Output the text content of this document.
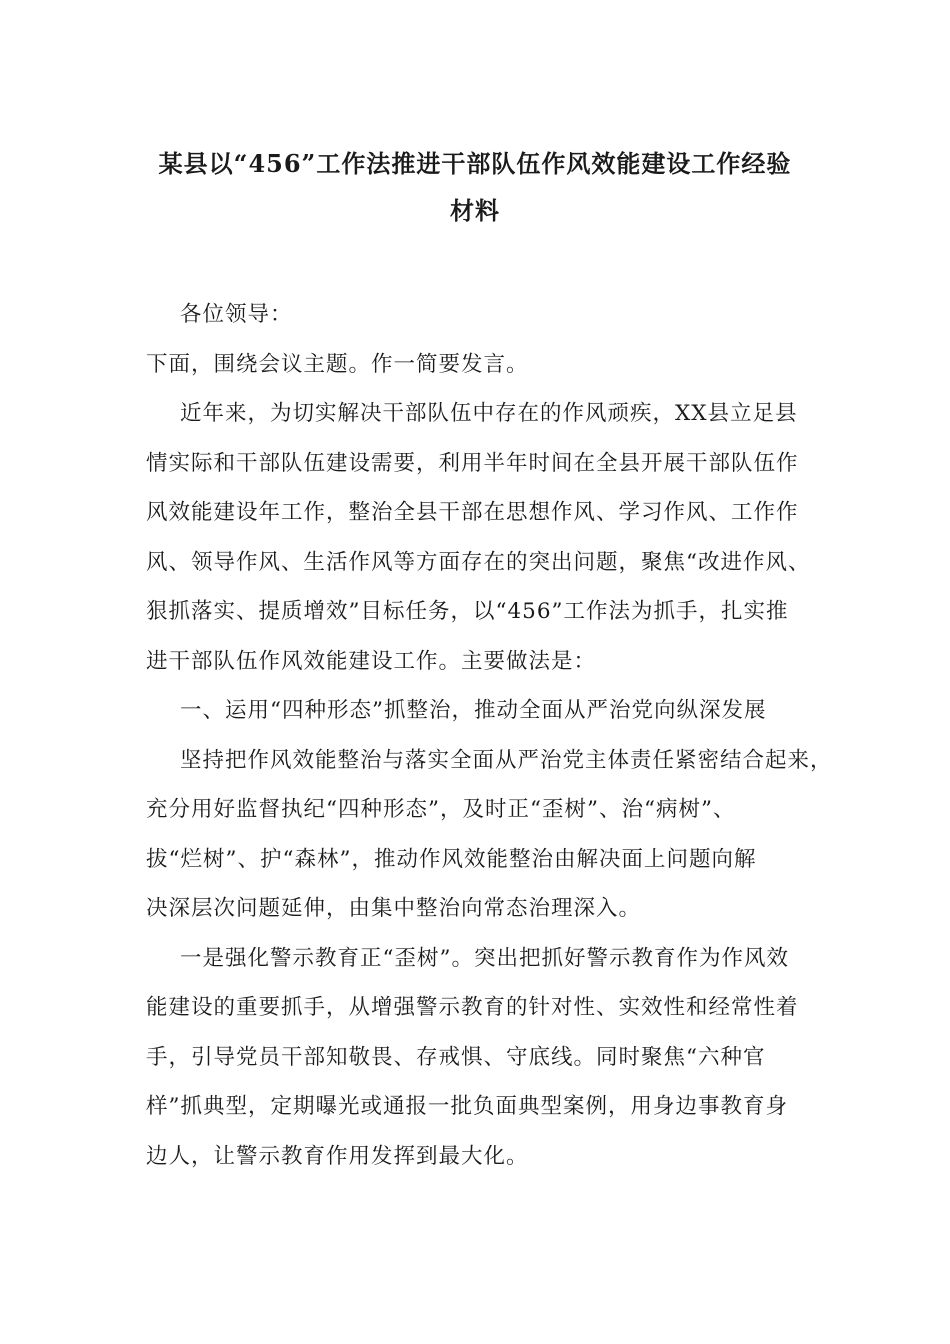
某县以“456”工作法推进干部队伍作风效能建设工作经验
材料
各位领导：
下面，围绕会议主题。作一简要发言。
近年来，为切实解决干部队伍中存在的作风顽疾，XX县立足县
情实际和干部队伍建设需要，利用半年时间在全县开展干部队伍作
风效能建设年工作，整治全县干部在思想作风、学习作风、工作作
风、领导作风、生活作风等方面存在的突出问题，聚焦“改进作风、
狠抓落实、提质增效”目标任务，以“456”工作法为抓手，扎实推
进干部队伍作风效能建设工作。主要做法是：
一、运用“四种形态”抓整治，推动全面从严治党向纵深发展
坚持把作风效能整治与落实全面从严治党主体责任紧密结合起来，
充分用好监督执纪“四种形态”，及时正“歪树”、治“病树”、
拔“烂树”、护“森林”，推动作风效能整治由解决面上问题向解
决深层次问题延伸，由集中整治向常态治理深入。
一是强化警示教育正“歪树”。突出把抓好警示教育作为作风效
能建设的重要抓手，从增强警示教育的针对性、实效性和经常性着
手，引导党员干部知敬畏、存戒惧、守底线。同时聚焦“六种官
样”抓典型，定期曝光或通报一批负面典型案例，用身边事教育身
边人，让警示教育作用发挥到最大化。
